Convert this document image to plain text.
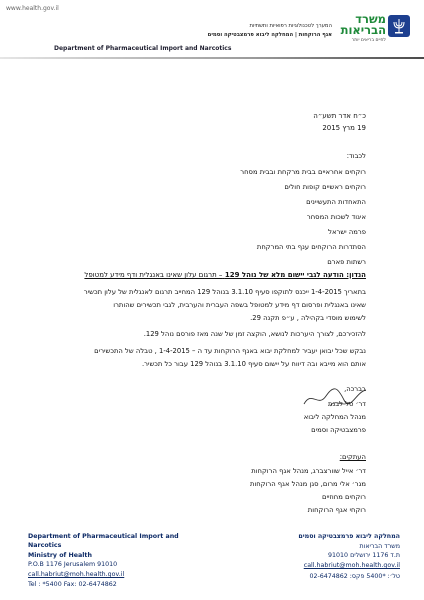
www.health.gov.il
משרד
הבריאות
לחיים בריאים יותר
המערך לטכנולוגיות רפואיות ותשתיות
אגף הרוקחות | המחלקה ליבוא פרמצבטיקה וסמים
Department of Pharmaceutical Import and Narcotics
כ״ח אדר תשע״ה
19 מרץ 2015
לכבוד:
רוקחים אחראיים בבית מרקחת ובבית מסחר
רוקחים ראשיים קופות חולים
התאחדות התעשיינים
איגוד לשכות המסחר
פרמה ישראל
הסתדרות הרוקחים ענף בתי המרקחת
רשתות פארם
הנדון: הודעה לגבי יישום מלא של נוהל 129 – תרגום עלון שאינו באנגלית ודף מידע למטופל
בתאריך 1-4-2015 ייכנס לתוקפו סעיף 3.1.10 בנוהל 129 המחייב תרגום לאנגלית של עלון תכשיר
שאינו באנגלית ופרסום דף מידע למטופל בשפה העברית והערבית, לגבי תכשירים שהותרו
לשימוש מוסדי בקהילה , ע״פ תקנה 29.
להזכירכם, לצורך היערכות לנושא, הוקצה זמן של שנה מאז פורסם נוהל 129.
נבקש שכל יבואן יעביר למחלקת יבוא באגף הרוקחות עד ה – 1-4-2015 , טבלה של התכשירים
אותם הוא מייבא ובה דיווח על יישום סעיף 3.1.10 בנוהל 129 עבור כל תכשיר.
בברכה,
דר׳ טל לבנת
מנהל המחלקה ליבוא
פרמצבטיקה וסמים
העתקים:
דר׳ אייל שוורצברג, מנהל אגף הרוקחות
מגר׳ אלי מרום, סגן מנהל אגף הרוקחות
רוקחים מחוזיים
רוקחי אגף הרוקחות
Department of Pharmaceutical Import and
Narcotics
Ministry of Health
P.O.B 1176 Jerusalem 91010
call.habriut@moh.health.gov.il
Tel : *5400 Fax: 02-6474862
המחלקה ליבוא פרמצבטיקה וסמים
משרד הבריאות
ת.ד 1176 ירושלים 91010
call.habriut@moh.health.gov.il
טל׳: *5400 פקס: 02-6474862
